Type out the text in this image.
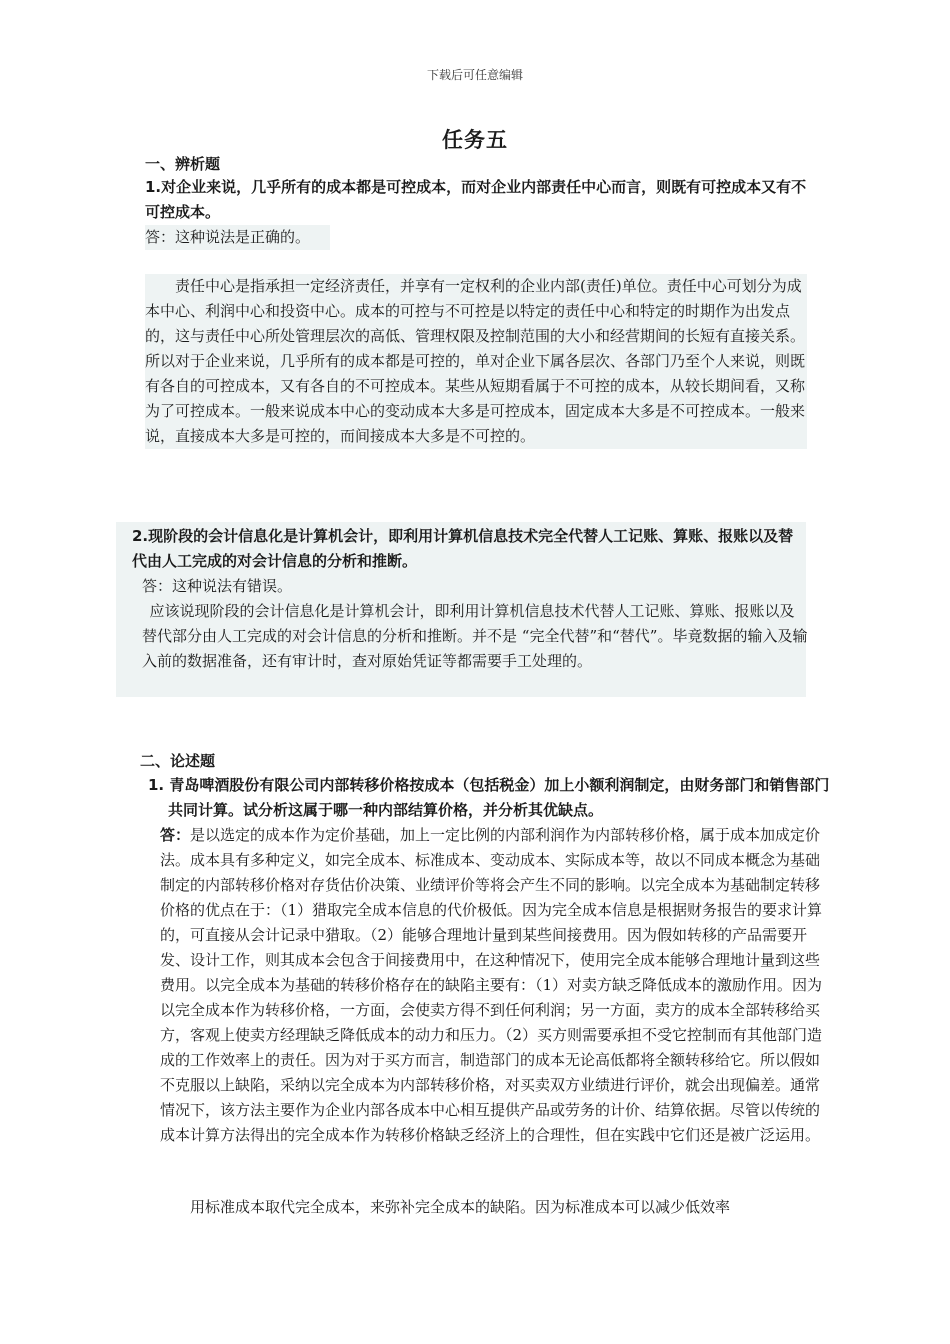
下载后可任意编辑
任务五
一、辨析题
1.对企业来说，几乎所有的成本都是可控成本，而对企业内部责任中心而言，则既有可控成本又有不可控成本。
答：这种说法是正确的。
责任中心是指承担一定经济责任，并享有一定权利的企业内部(责任)单位。责任中心可划分为成本中心、利润中心和投资中心。成本的可控与不可控是以特定的责任中心和特定的时期作为出发点的，这与责任中心所处管理层次的高低、管理权限及控制范围的大小和经营期间的长短有直接关系。所以对于企业来说，几乎所有的成本都是可控的，单对企业下属各层次、各部门乃至个人来说，则既有各自的可控成本，又有各自的不可控成本。某些从短期看属于不可控的成本，从较长期间看，又称为了可控成本。一般来说成本中心的变动成本大多是可控成本，固定成本大多是不可控成本。一般来说，直接成本大多是可控的，而间接成本大多是不可控的。
2.现阶段的会计信息化是计算机会计，即利用计算机信息技术完全代替人工记账、算账、报账以及替代由人工完成的对会计信息的分析和推断。
答：这种说法有错误。
应该说现阶段的会计信息化是计算机会计，即利用计算机信息技术代替人工记账、算账、报账以及替代部分由人工完成的对会计信息的分析和推断。并不是 “完全代替”和“替代”。毕竟数据的输入及输入前的数据准备，还有审计时，查对原始凭证等都需要手工处理的。
二、论述题
1. 青岛啤酒股份有限公司内部转移价格按成本（包括税金）加上小额利润制定，由财务部门和销售部门共同计算。试分析这属于哪一种内部结算价格，并分析其优缺点。
答：是以选定的成本作为定价基础，加上一定比例的内部利润作为内部转移价格，属于成本加成定价法。成本具有多种定义，如完全成本、标准成本、变动成本、实际成本等，故以不同成本概念为基础制定的内部转移价格对存货估价决策、业绩评价等将会产生不同的影响。以完全成本为基础制定转移价格的优点在于：（1）猎取完全成本信息的代价极低。因为完全成本信息是根据财务报告的要求计算的，可直接从会计记录中猎取。（2）能够合理地计量到某些间接费用。因为假如转移的产品需要开发、设计工作，则其成本会包含于间接费用中，在这种情况下，使用完全成本能够合理地计量到这些费用。以完全成本为基础的转移价格存在的缺陷主要有：（1）对卖方缺乏降低成本的激励作用。因为以完全成本作为转移价格，一方面，会使卖方得不到任何利润；另一方面，卖方的成本全部转移给买方，客观上使卖方经理缺乏降低成本的动力和压力。（2）买方则需要承担不受它控制而有其他部门造成的工作效率上的责任。因为对于买方而言，制造部门的成本无论高低都将全额转移给它。所以假如不克服以上缺陷，采纳以完全成本为内部转移价格，对买卖双方业绩进行评价，就会出现偏差。通常情况下，该方法主要作为企业内部各成本中心相互提供产品或劳务的计价、结算依据。尽管以传统的成本计算方法得出的完全成本作为转移价格缺乏经济上的合理性，但在实践中它们还是被广泛运用。
用标准成本取代完全成本，来弥补完全成本的缺陷。因为标准成本可以减少低效率
